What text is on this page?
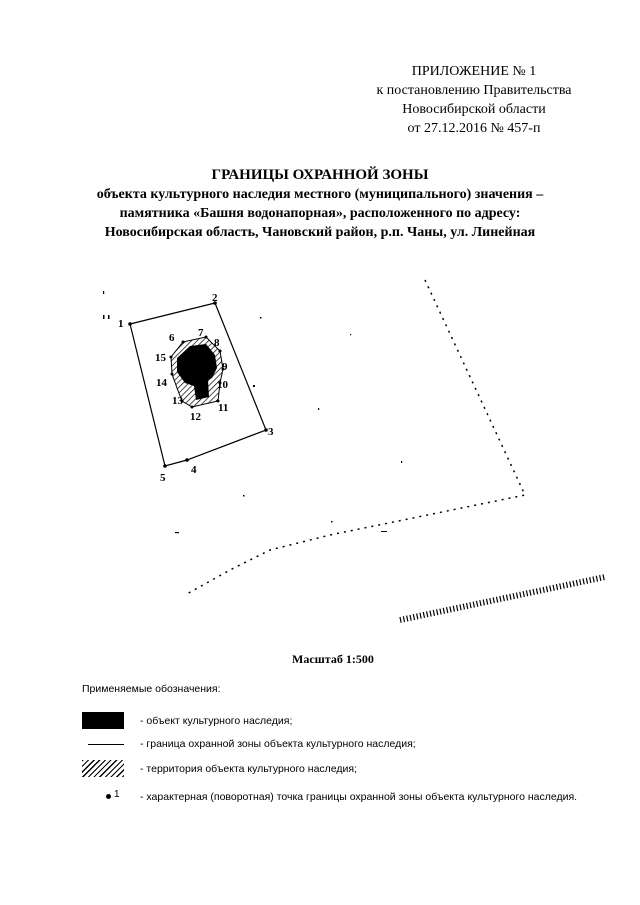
ПРИЛОЖЕНИЕ № 1
к постановлению Правительства
Новосибирской области
от 27.12.2016 № 457-п
ГРАНИЦЫ ОХРАННОЙ ЗОНЫ
объекта культурного наследия местного (муниципального) значения –
памятника «Башня водонапорная», расположенного по адресу:
Новосибирская область, Чановский район, р.п. Чаны, ул. Линейная
1
2
3
4
5
6 7
8
9
10
11
12
13
14
15
Масштаб 1:500
Применяемые обозначения:
- объект культурного наследия;
- граница охранной зоны объекта культурного наследия;
- территория объекта культурного наследия;
1 - характерная (поворотная) точка границы охранной зоны объекта культурного наследия.
